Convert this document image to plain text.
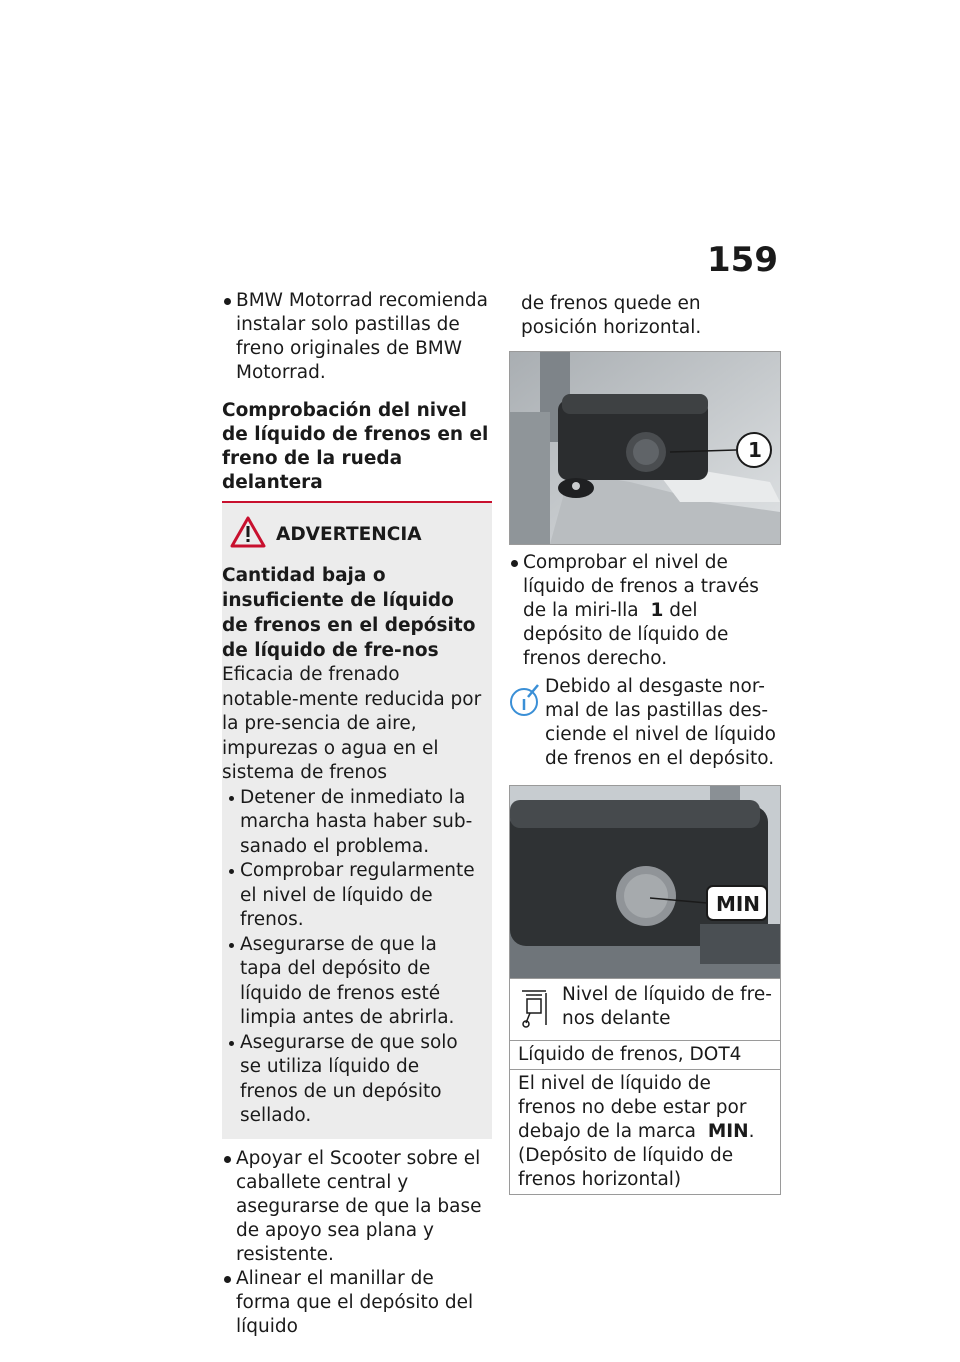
159
BMW Motorrad recomienda instalar solo pastillas de freno originales de BMW Motorrad.
Comprobación del nivel de líquido de frenos en el freno de la rueda delantera
ADVERTENCIA
Cantidad baja o insuficiente de líquido de frenos en el depósito de líquido de fre-nos
Eficacia de frenado notable-mente reducida por la pre-sencia de aire, impurezas o agua en el sistema de frenos
Detener de inmediato la marcha hasta haber sub-sanado el problema.
Comprobar regularmente el nivel de líquido de frenos.
Asegurarse de que la tapa del depósito de líquido de frenos esté limpia antes de abrirla.
Asegurarse de que solo se utiliza líquido de frenos de un depósito sellado.
Apoyar el Scooter sobre el caballete central y asegurarse de que la base de apoyo sea plana y resistente.
Alinear el manillar de forma que el depósito del líquido
de frenos quede en posición horizontal.
1
Comprobar el nivel de líquido de frenos a través de la miri-lla 1 del depósito de líquido de frenos derecho.
Debido al desgaste nor-mal de las pastillas des-ciende el nivel de líquido de frenos en el depósito.
MIN
Nivel de líquido de fre-nos delante
Líquido de frenos, DOT4
El nivel de líquido de frenos no debe estar por debajo de la marca MIN. (Depósito de líquido de frenos horizontal)
